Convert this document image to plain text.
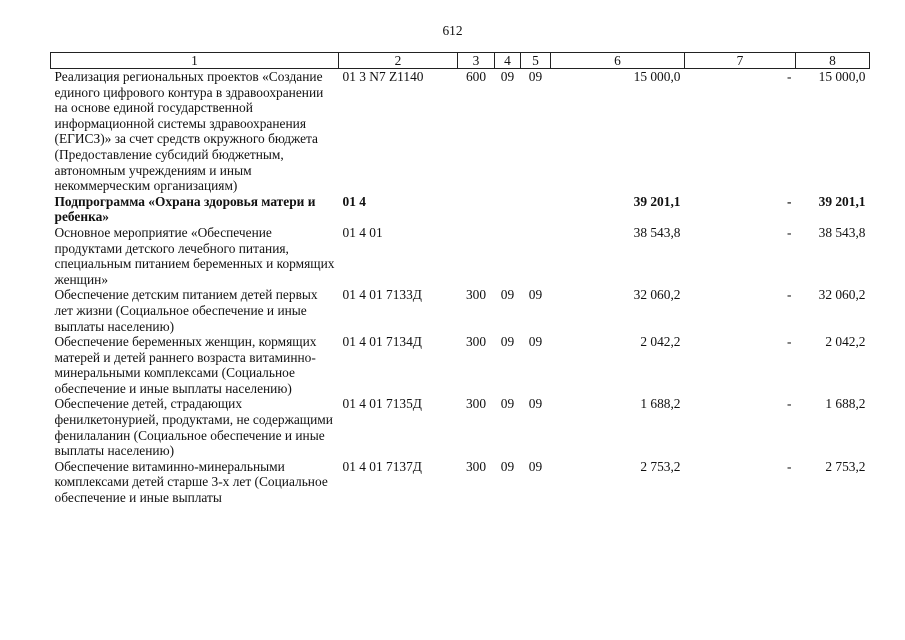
612
1	2	3	4	5	6	7	8
Реализация региональных проектов «Создание единого цифрового контура в здравоохранении на основе единой государственной информационной системы здравоохранения (ЕГИСЗ)» за счет средств окружного бюджета (Предоставление субсидий бюджетным, автономным учреждениям и иным некоммерческим организациям)	01 3 N7 Z1140	600	09	09	15 000,0	-	15 000,0
Подпрограмма «Охрана здоровья матери и ребенка»	01 4				39 201,1	-	39 201,1
Основное мероприятие «Обеспечение продуктами детского лечебного питания, специальным питанием беременных и кормящих женщин»	01 4 01				38 543,8	-	38 543,8
Обеспечение детским питанием детей первых лет жизни (Социальное обеспечение и иные выплаты населению)	01 4 01 7133Д	300	09	09	32 060,2	-	32 060,2
Обеспечение беременных женщин, кормящих матерей и детей раннего возраста витаминно-минеральными комплексами (Социальное обеспечение и иные выплаты населению)	01 4 01 7134Д	300	09	09	2 042,2	-	2 042,2
Обеспечение детей, страдающих фенилкетонурией, продуктами, не содержащими фенилаланин (Социальное обеспечение и иные выплаты населению)	01 4 01 7135Д	300	09	09	1 688,2	-	1 688,2
Обеспечение витаминно-минеральными комплексами детей старше 3-х лет (Социальное обеспечение и иные выплаты	01 4 01 7137Д	300	09	09	2 753,2	-	2 753,2
